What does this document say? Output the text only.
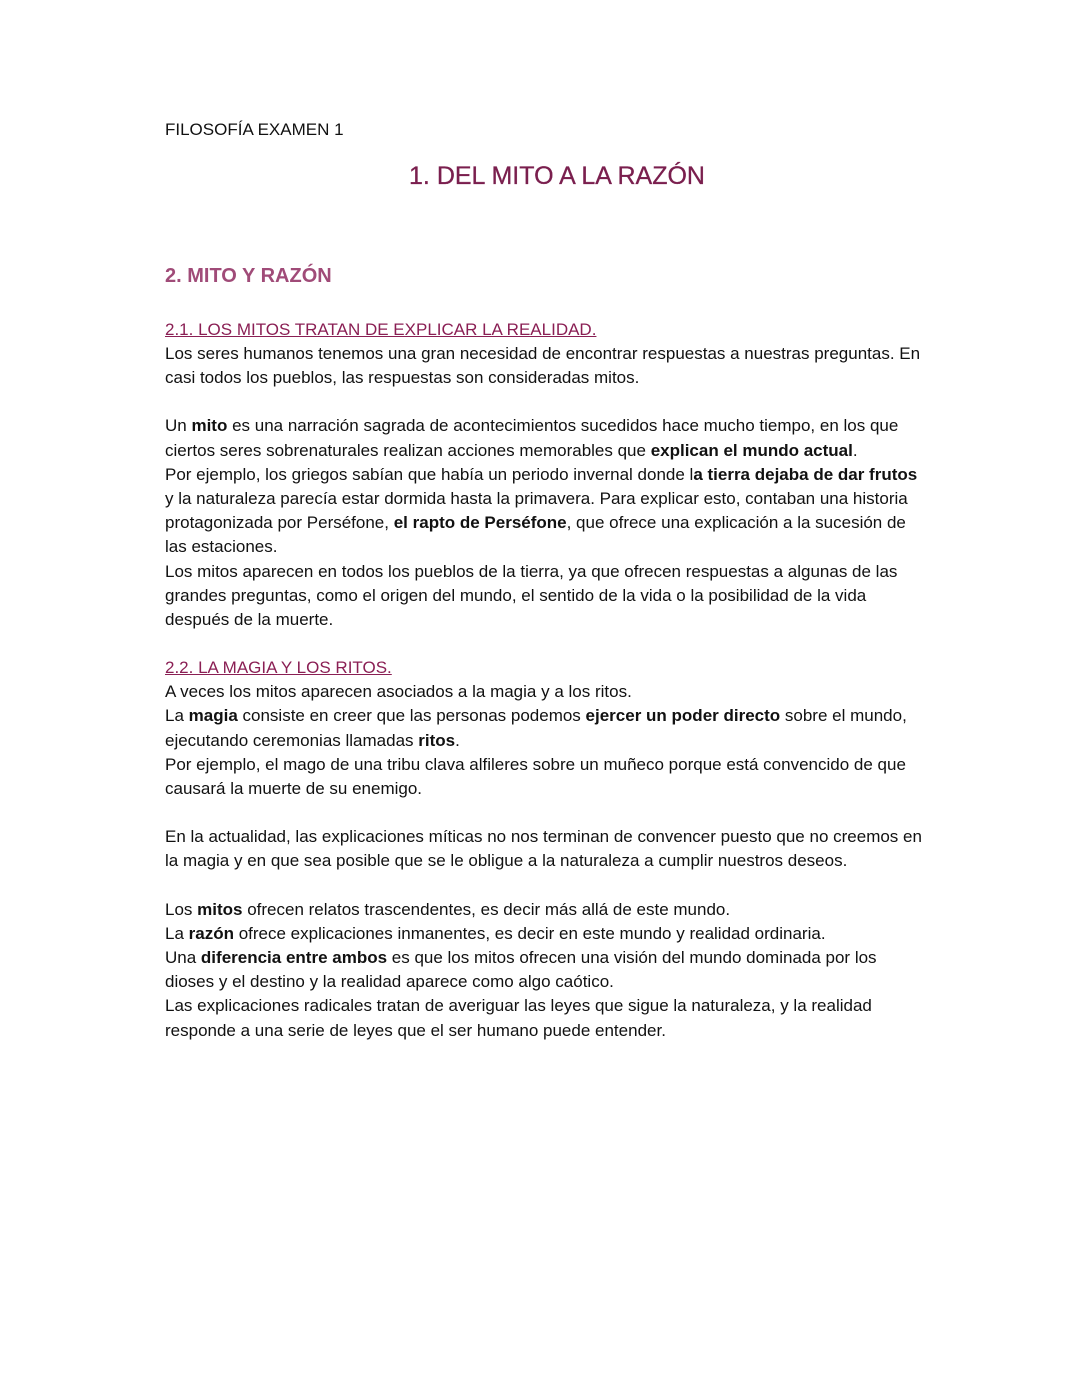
FILOSOFÍA EXAMEN 1

1. DEL MITO A LA RAZÓN
2. MITO Y RAZÓN

2.1. LOS MITOS TRATAN DE EXPLICAR LA REALIDAD.

Los seres humanos tenemos una gran necesidad de encontrar respuestas a nuestras preguntas. En casi todos los pueblos, las respuestas son consideradas mitos.

Un mito es una narración sagrada de acontecimientos sucedidos hace mucho tiempo, en los que ciertos seres sobrenaturales realizan acciones memorables que explican el mundo actual.

Por ejemplo, los griegos sabían que había un periodo invernal donde la tierra dejaba de dar frutos y la naturaleza parecía estar dormida hasta la primavera. Para explicar esto, contaban una historia protagonizada por Perséfone, el rapto de Perséfone, que ofrece una explicación a la sucesión de las estaciones.

Los mitos aparecen en todos los pueblos de la tierra, ya que ofrecen respuestas a algunas de las grandes preguntas, como el origen del mundo, el sentido de la vida o la posibilidad de la vida después de la muerte.

2.2. LA MAGIA Y LOS RITOS.

A veces los mitos aparecen asociados a la magia y a los ritos.

La magia consiste en creer que las personas podemos ejercer un poder directo sobre el mundo, ejecutando ceremonias llamadas ritos.

Por ejemplo, el mago de una tribu clava alfileres sobre un muñeco porque está convencido de que causará la muerte de su enemigo.

En la actualidad, las explicaciones míticas no nos terminan de convencer puesto que no creemos en la magia y en que sea posible que se le obligue a la naturaleza a cumplir nuestros deseos.

Los mitos ofrecen relatos trascendentes, es decir más allá de este mundo.

La razón ofrece explicaciones inmanentes, es decir en este mundo y realidad ordinaria.

Una diferencia entre ambos es que los mitos ofrecen una visión del mundo dominada por los dioses y el destino y la realidad aparece como algo caótico.

Las explicaciones radicales tratan de averiguar las leyes que sigue la naturaleza, y la realidad responde a una serie de leyes que el ser humano puede entender.
